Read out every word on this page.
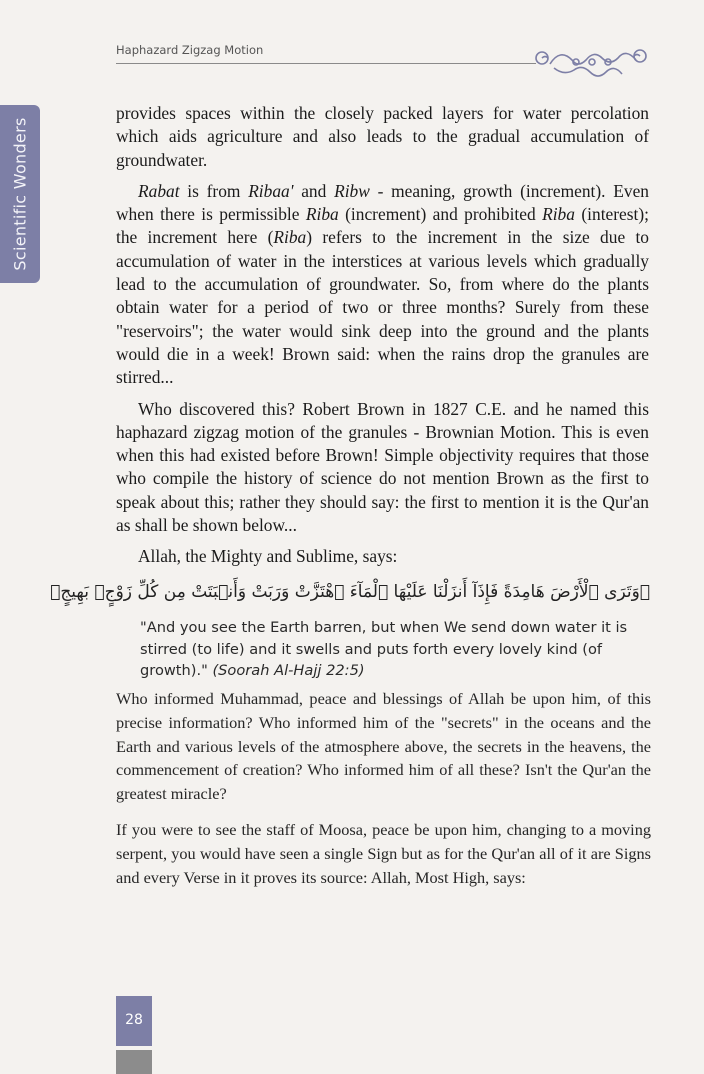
Haphazard Zigzag Motion
Scientific Wonders

provides spaces within the closely packed layers for water percolation which aids agriculture and also leads to the gradual accumulation of groundwater.

Rabat is from Ribaa' and Ribw - meaning, growth (increment). Even when there is permissible Riba (increment) and prohibited Riba (interest); the increment here (Riba) refers to the increment in the size due to accumulation of water in the interstices at various levels which gradually lead to the accumulation of groundwater. So, from where do the plants obtain water for a period of two or three months? Surely from these "reservoirs"; the water would sink deep into the ground and the plants would die in a week! Brown said: when the rains drop the granules are stirred...

Who discovered this? Robert Brown in 1827 C.E. and he named this haphazard zigzag motion of the granules - Brownian Motion. This is even when this had existed before Brown! Simple objectivity requires that those who compile the history of science do not mention Brown as the first to speak about this; rather they should say: the first to mention it is the Qur'an as shall be shown below...

Allah, the Mighty and Sublime, says:

﴿وَتَرَى ٱلْأَرْضَ هَامِدَةً فَإِذَآ أَنزَلْنَا عَلَيْهَا ٱلْمَآءَ ٱهْتَزَّتْ وَرَبَتْ وَأَنۢبَتَتْ مِن كُلِّ زَوْجٍۭ بَهِيجٍ﴾

"And you see the Earth barren, but when We send down water it is stirred (to life) and it swells and puts forth every lovely kind (of growth)." (Soorah Al-Hajj 22:5)

Who informed Muhammad, peace and blessings of Allah be upon him, of this precise information? Who informed him of the "secrets" in the oceans and the Earth and various levels of the atmosphere above, the secrets in the heavens, the commencement of creation? Who informed him of all these? Isn't the Qur'an the greatest miracle?

If you were to see the staff of Moosa, peace be upon him, changing to a moving serpent, you would have seen a single Sign but as for the Qur'an all of it are Signs and every Verse in it proves its source: Allah, Most High, says:

28
